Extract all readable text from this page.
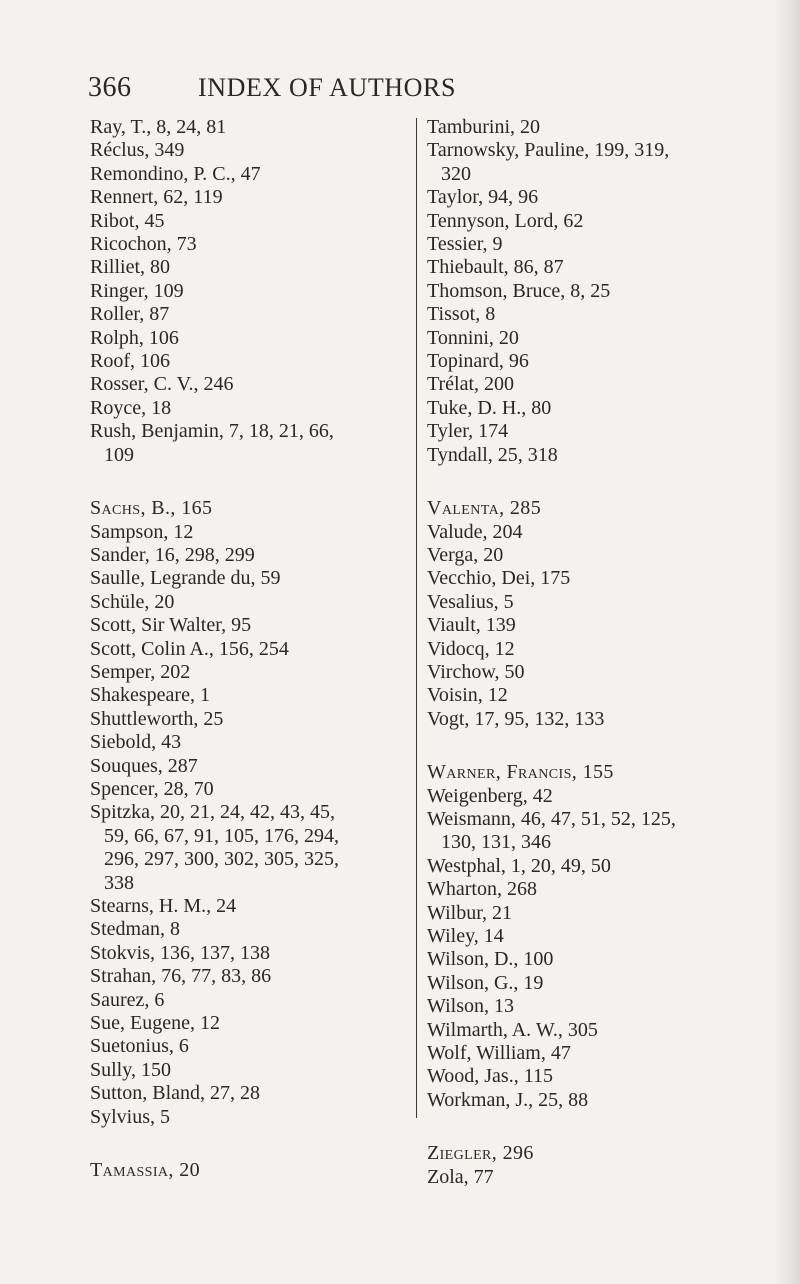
366	INDEX OF AUTHORS
Ray, T., 8, 24, 81
Réclus, 349
Remondino, P. C., 47
Rennert, 62, 119
Ribot, 45
Ricochon, 73
Rilliet, 80
Ringer, 109
Roller, 87
Rolph, 106
Roof, 106
Rosser, C. V., 246
Royce, 18
Rush, Benjamin, 7, 18, 21, 66,
109
Sachs, B., 165
Sampson, 12
Sander, 16, 298, 299
Saulle, Legrande du, 59
Schüle, 20
Scott, Sir Walter, 95
Scott, Colin A., 156, 254
Semper, 202
Shakespeare, 1
Shuttleworth, 25
Siebold, 43
Souques, 287
Spencer, 28, 70
Spitzka, 20, 21, 24, 42, 43, 45,
59, 66, 67, 91, 105, 176, 294,
296, 297, 300, 302, 305, 325,
338
Stearns, H. M., 24
Stedman, 8
Stokvis, 136, 137, 138
Strahan, 76, 77, 83, 86
Saurez, 6
Sue, Eugene, 12
Suetonius, 6
Sully, 150
Sutton, Bland, 27, 28
Sylvius, 5
Tamassia, 20
Tamburini, 20
Tarnowsky, Pauline, 199, 319,
320
Taylor, 94, 96
Tennyson, Lord, 62
Tessier, 9
Thiebault, 86, 87
Thomson, Bruce, 8, 25
Tissot, 8
Tonnini, 20
Topinard, 96
Trélat, 200
Tuke, D. H., 80
Tyler, 174
Tyndall, 25, 318
Valenta, 285
Valude, 204
Verga, 20
Vecchio, Dei, 175
Vesalius, 5
Viault, 139
Vidocq, 12
Virchow, 50
Voisin, 12
Vogt, 17, 95, 132, 133
Warner, Francis, 155
Weigenberg, 42
Weismann, 46, 47, 51, 52, 125,
130, 131, 346
Westphal, 1, 20, 49, 50
Wharton, 268
Wilbur, 21
Wiley, 14
Wilson, D., 100
Wilson, G., 19
Wilson, 13
Wilmarth, A. W., 305
Wolf, William, 47
Wood, Jas., 115
Workman, J., 25, 88
Ziegler, 296
Zola, 77
